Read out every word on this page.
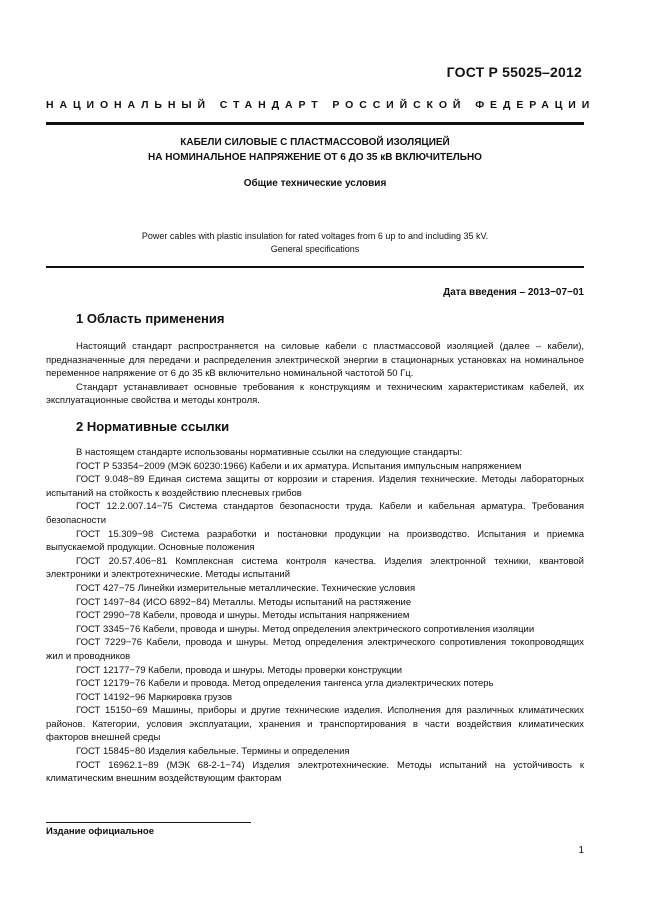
ГОСТ Р 55025–2012
НАЦИОНАЛЬНЫЙ СТАНДАРТ РОССИЙСКОЙ ФЕДЕРАЦИИ
КАБЕЛИ СИЛОВЫЕ С ПЛАСТМАССОВОЙ ИЗОЛЯЦИЕЙ
НА НОМИНАЛЬНОЕ НАПРЯЖЕНИЕ ОТ 6 ДО 35 кВ ВКЛЮЧИТЕЛЬНО
Общие технические условия
Power cables with plastic insulation for rated voltages from 6 up to and including 35 kV.
General specifications
Дата введения – 2013−07−01
1 Область применения

Настоящий стандарт распространяется на силовые кабели с пластмассовой изоляцией (далее – кабели), предназначенные для передачи и распределения электрической энергии в стационарных установках на номинальное переменное напряжение от 6 до 35 кВ включительно номинальной частотой 50 Гц.

Стандарт устанавливает основные требования к конструкциям и техническим характеристикам кабелей, их эксплуатационные свойства и методы контроля.

2 Нормативные ссылки

В настоящем стандарте использованы нормативные ссылки на следующие стандарты:

ГОСТ Р 53354−2009 (МЭК 60230:1966) Кабели и их арматура. Испытания импульсным напряжением

ГОСТ 9.048−89 Единая система защиты от коррозии и старения. Изделия технические. Методы лабораторных испытаний на стойкость к воздействию плесневых грибов

ГОСТ 12.2.007.14−75 Система стандартов безопасности труда. Кабели и кабельная арматура. Требования безопасности

ГОСТ 15.309−98 Система разработки и постановки продукции на производство. Испытания и приемка выпускаемой продукции. Основные положения

ГОСТ 20.57.406−81 Комплексная система контроля качества. Изделия электронной техники, квантовой электроники и электротехнические. Методы испытаний

ГОСТ 427−75 Линейки измерительные металлические. Технические условия

ГОСТ 1497−84 (ИСО 6892−84) Металлы. Методы испытаний на растяжение

ГОСТ 2990−78 Кабели, провода и шнуры. Методы испытания напряжением

ГОСТ 3345−76 Кабели, провода и шнуры. Метод определения электрического сопротивления изоляции

ГОСТ 7229−76 Кабели, провода и шнуры. Метод определения электрического сопротивления токопроводящих жил и проводников

ГОСТ 12177−79 Кабели, провода и шнуры. Методы проверки конструкции

ГОСТ 12179−76 Кабели и провода. Метод определения тангенса угла диэлектрических потерь

ГОСТ 14192−96 Маркировка грузов

ГОСТ 15150−69 Машины, приборы и другие технические изделия. Исполнения для различных климатических районов. Категории, условия эксплуатации, хранения и транспортирования в части воздействия климатических факторов внешней среды

ГОСТ 15845−80 Изделия кабельные. Термины и определения

ГОСТ 16962.1−89 (МЭК 68-2-1−74) Изделия электротехнические. Методы испытаний на устойчивость к климатическим внешним воздействующим факторам

Издание официальное
1
